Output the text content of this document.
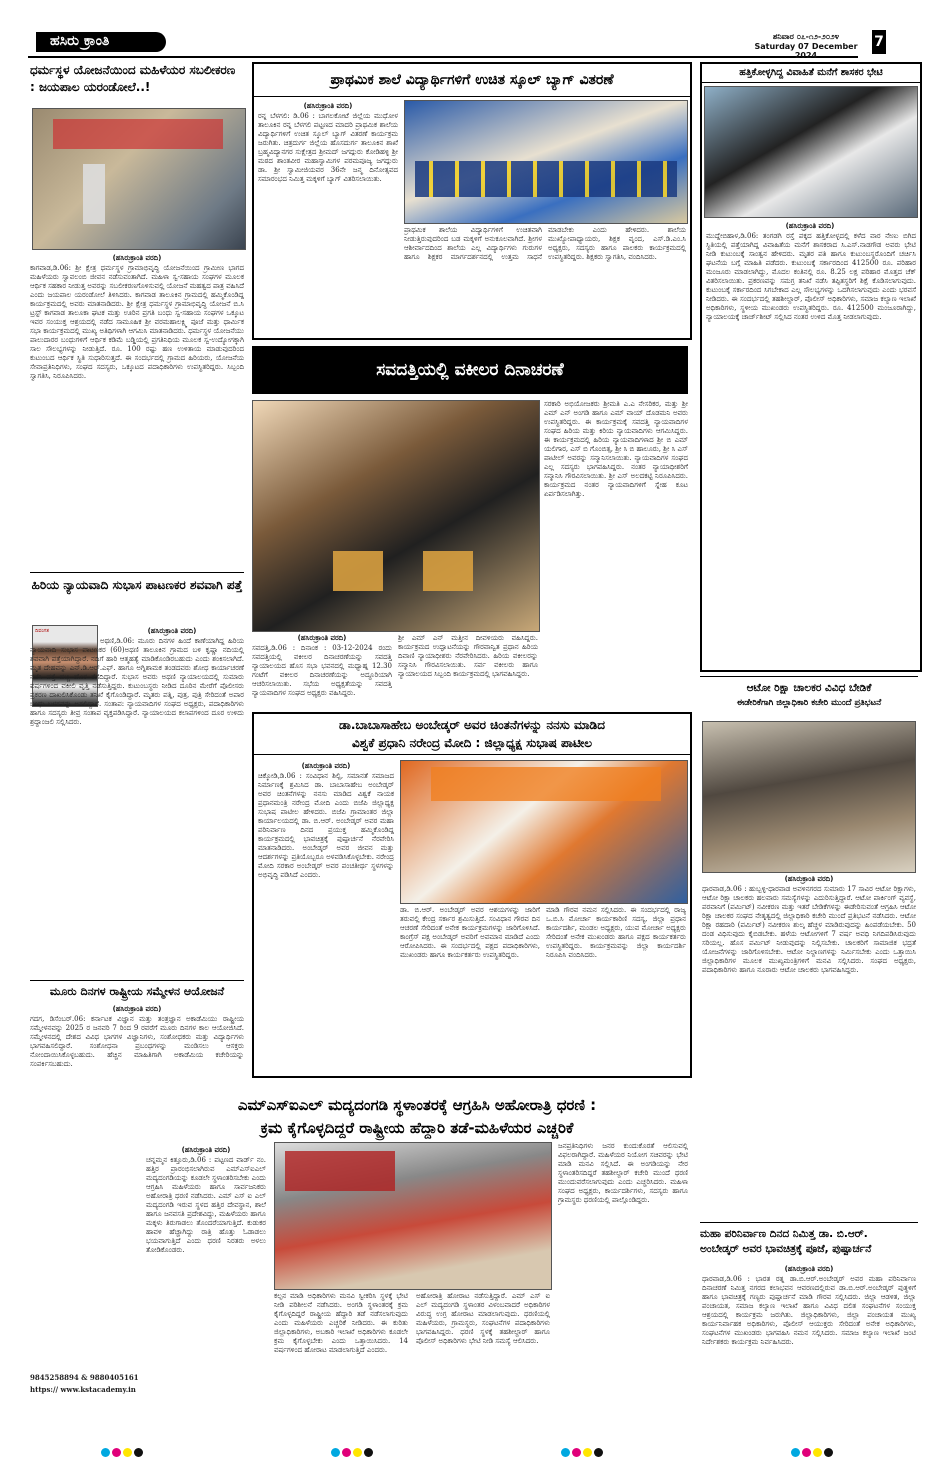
ಹಸಿರು ಕ್ರಾಂತಿ	ಶನಿವಾರ ೦೭-೧೨-೨೦೨೪
Saturday 07 December 2024
7
ಧರ್ಮಸ್ಥಳ ಯೋಜನೆಯಿಂದ ಮಹಿಳೆಯರ ಸಬಲೀಕರಣ : ಜಯಪಾಲ ಯರಂಡೋಲೆ..!
(ಹಸಿರುಕ್ರಾಂತಿ ವರದಿ)
ಕಾಗವಾಡ,ಡಿ.06: ಶ್ರೀ ಕ್ಷೇತ್ರ ಧರ್ಮಸ್ಥಳ ಗ್ರಾಮಾಭಿವೃದ್ಧಿ ಯೋಜನೆಯಿಂದ ಗ್ರಾಮೀಣ ಭಾಗದ ಮಹಿಳೆಯರು ಸ್ವಾವಲಂಬಿ ಜೀವನ ನಡೆಸುವಂತಾಗಿದೆ. ಮಹಿಳಾ ಸ್ವ-ಸಹಾಯ ಸಂಘಗಳ ಮೂಲಕ ಆರ್ಥಿಕ ಸಹಕಾರ ನೀಡುತ್ತ ಅವರನ್ನು ಸಬಲೀಕರಣಗೊಳಿಸುವಲ್ಲಿ ಯೋಜನೆ ಮಹತ್ವದ ಪಾತ್ರ ವಹಿಸಿದೆ ಎಂದು ಜಯಪಾಲ ಯರಂಡೋಲೆ ತಿಳಿಸಿದರು. ಕಾಗವಾಡ ತಾಲೂಕಿನ ಗ್ರಾಮದಲ್ಲಿ ಹಮ್ಮಿಕೊಂಡಿದ್ದ ಕಾರ್ಯಕ್ರಮದಲ್ಲಿ ಅವರು ಮಾತನಾಡಿದರು. ಶ್ರೀ ಕ್ಷೇತ್ರ ಧರ್ಮಸ್ಥಳ ಗ್ರಾಮಾಭಿವೃದ್ಧಿ ಯೋಜನೆ ಬಿ.ಸಿ ಟ್ರಸ್ಟ್ ಕಾಗವಾಡ ತಾಲೂಕಾ ಘಟಕ ಮತ್ತು ಊರಿನ ಪ್ರಗತಿ ಬಂಧು ಸ್ವ-ಸಹಾಯ ಸಂಘಗಳ ಒಕ್ಕೂಟ ಇವರ ಸಂಯುಕ್ತ ಆಶ್ರಯದಲ್ಲಿ ನಡೆದ ಸಾಮೂಹಿಕ ಶ್ರೀ ವರಮಹಾಲಕ್ಷ್ಮಿ ಪೂಜೆ ಮತ್ತು ಧಾರ್ಮಿಕ ಸಭಾ ಕಾರ್ಯಕ್ರಮದಲ್ಲಿ ಮುಖ್ಯ ಅತಿಥಿಗಳಾಗಿ ಆಗಮಿಸಿ ಮಾತನಾಡಿದರು. ಧರ್ಮಸ್ಥಳ ಯೋಜನೆಯು ಪಾಲುದಾರರ ಬಂಧುಗಳಿಗೆ ಆರ್ಥಿಕ ಕಡಿಮೆ ಬಡ್ಡಿಯಲ್ಲಿ ಪ್ರಗತಿನಿಧಿಯ ಮೂಲಕ ಸ್ವ-ಉದ್ಯೋಗಕ್ಕಾಗಿ ಸಾಲ ಸೌಲಭ್ಯಗಳನ್ನು ನೀಡುತ್ತಿದೆ. ರೂ. 100 ರಷ್ಟು ಹಣ ಉಳಿತಾಯ ಮಾಡುವುದರಿಂದ ಕುಟುಂಬದ ಆರ್ಥಿಕ ಸ್ಥಿತಿ ಸುಧಾರಿಸುತ್ತದೆ. ಈ ಸಂದರ್ಭದಲ್ಲಿ ಗ್ರಾಮದ ಹಿರಿಯರು, ಯೋಜನೆಯ ಸೇವಾಪ್ರತಿನಿಧಿಗಳು, ಸಂಘದ ಸದಸ್ಯರು, ಒಕ್ಕೂಟದ ಪದಾಧಿಕಾರಿಗಳು ಉಪಸ್ಥಿತರಿದ್ದರು. ಸಿಬ್ಬಂದಿ ಸ್ವಾಗತಿಸಿ, ನಿರೂಪಿಸಿದರು.
ಹಿರಿಯ ನ್ಯಾಯವಾದಿ ಸುಭಾಸ ಪಾಟಣಕರ ಶವವಾಗಿ ಪತ್ತೆ
ದಿವಂಗತ	(ಹಸಿರುಕ್ರಾಂತಿ ವರದಿ)
ಅಥಣಿ,ಡಿ.06: ಮೂರು ದಿನಗಳ ಹಿಂದೆ ಕಾಣೆಯಾಗಿದ್ದ ಹಿರಿಯ ನ್ಯಾಯವಾದಿ ಸುಭಾಸ ಪಾಟಣಕರ (60)ಅಥಣಿ ತಾಲೂಕಿನ ಗ್ರಾಮದ ಬಳಿ ಕೃಷ್ಣಾ ನದಿಯಲ್ಲಿ ಶವವಾಗಿ ಪತ್ತೆಯಾಗಿದ್ದಾರೆ. ನದಿಗೆ ಹಾರಿ ಆತ್ಮಹತ್ಯೆ ಮಾಡಿಕೊಂಡಿರಬಹುದು ಎಂದು ಶಂಕಿಸಲಾಗಿದೆ. ಮೃತ ದೇಹವನ್ನು ಎನ್.ಡಿ.ಆರ್.ಎಫ್. ಹಾಗೂ ಅಗ್ನಿಶಾಮಕ ತಂಡದವರು ಶೋಧ ಕಾರ್ಯಾಚರಣೆ ನಡೆಸಿ ಪತ್ತೆ ಹಚ್ಚಿ ಹೊರ ತೆಗೆದಿದ್ದಾರೆ. ಸುಭಾಸ ಅವರು ಅಥಣಿ ನ್ಯಾಯಾಲಯದಲ್ಲಿ ಸುಮಾರು ವರ್ಷಗಳಿಂದ ವಕೀಲಿ ವೃತ್ತಿ ನಡೆಸುತ್ತಿದ್ದರು. ಕುಟುಂಬಸ್ಥರು ನೀಡಿದ ದೂರಿನ ಮೇರೆಗೆ ಪೊಲೀಸರು ಪ್ರಕರಣ ದಾಖಲಿಸಿಕೊಂಡು ತನಿಖೆ ಕೈಗೊಂಡಿದ್ದಾರೆ. ಮೃತರು ಪತ್ನಿ, ಪುತ್ರ, ಪುತ್ರಿ ಸೇರಿದಂತೆ ಅಪಾರ ಬಂಧು ಬಳಗವನ್ನು ಅಗಲಿದ್ದಾರೆ. ಸಂತಾಪ: ನ್ಯಾಯವಾದಿಗಳ ಸಂಘದ ಅಧ್ಯಕ್ಷರು, ಪದಾಧಿಕಾರಿಗಳು ಹಾಗೂ ಸದಸ್ಯರು ತೀವ್ರ ಸಂತಾಪ ವ್ಯಕ್ತಪಡಿಸಿದ್ದಾರೆ. ನ್ಯಾಯಾಲಯದ ಕಲಾಪಗಳಿಂದ ದೂರ ಉಳಿದು ಶ್ರದ್ಧಾಂಜಲಿ ಸಲ್ಲಿಸಿದರು.
ಮೂರು ದಿನಗಳ ರಾಷ್ಟ್ರೀಯ ಸಮ್ಮೇಳನ ಆಯೋಜನೆ
(ಹಸಿರುಕ್ರಾಂತಿ ವರದಿ)
ಗದಗ, ಡಿಸೆಂಬರ್.06: ಕರ್ನಾಟಕ ವಿಜ್ಞಾನ ಮತ್ತು ತಂತ್ರಜ್ಞಾನ ಅಕಾಡೆಮಿಯು ರಾಷ್ಟ್ರೀಯ ಸಮ್ಮೇಳನವನ್ನು 2025 ರ ಜನವರಿ 7 ರಿಂದ 9 ರವರೆಗೆ ಮೂರು ದಿನಗಳ ಕಾಲ ಆಯೋಜಿಸಿದೆ. ಸಮ್ಮೇಳನದಲ್ಲಿ ದೇಶದ ವಿವಿಧ ಭಾಗಗಳ ವಿಜ್ಞಾನಿಗಳು, ಸಂಶೋಧಕರು ಮತ್ತು ವಿದ್ಯಾರ್ಥಿಗಳು ಭಾಗವಹಿಸಲಿದ್ದಾರೆ. ಸಂಶೋಧನಾ ಪ್ರಬಂಧಗಳನ್ನು ಮಂಡಿಸಲು ಆಸಕ್ತರು ನೋಂದಾಯಿಸಿಕೊಳ್ಳಬಹುದು. ಹೆಚ್ಚಿನ ಮಾಹಿತಿಗಾಗಿ ಅಕಾಡೆಮಿಯ ಕಚೇರಿಯನ್ನು ಸಂಪರ್ಕಿಸಬಹುದು.
9845258894 & 9880405161
https:// www.kstacademy.in
ಪ್ರಾಥಮಿಕ ಶಾಲೆ ವಿದ್ಯಾರ್ಥಿಗಳಿಗೆ ಉಚಿತ ಸ್ಕೂಲ್ ಬ್ಯಾಗ್ ವಿತರಣೆ
(ಹಸಿರುಕ್ರಾಂತಿ ವರದಿ)
ರನ್ನ ಬೆಳಗಲಿ: ಡಿ.06 : ಬಾಗಲಕೋಟೆ ಜಿಲ್ಲೆಯ ಮುಧೋಳ ತಾಲೂಕಿನ ರನ್ನ ಬೆಳಗಲಿ ಪಟ್ಟಣದ ಮಾದರಿ ಪ್ರಾಥಮಿಕ ಶಾಲೆಯ ವಿದ್ಯಾರ್ಥಿಗಳಿಗೆ ಉಚಿತ ಸ್ಕೂಲ್ ಬ್ಯಾಗ್ ವಿತರಣೆ ಕಾರ್ಯಕ್ರಮ ಜರುಗಿತು. ಚಿತ್ರದುರ್ಗ ಜಿಲ್ಲೆಯ ಹೊಸದುರ್ಗ ತಾಲೂಕಿನ ಶಾಖೆ ಬ್ರಹ್ಮವಿದ್ಯಾನಗರ ಸುಕ್ಷೇತ್ರದ ಶ್ರೀಮದ್ ಜಗದ್ಗುರು ಕೋಡಿಹಳ್ಳಿ ಶ್ರೀ ಮಠದ ಶಾಂತವೀರ ಮಹಾಸ್ವಾಮಿಗಳ ಪರಮಪೂಜ್ಯ ಜಗದ್ಗುರು ಡಾ. ಶ್ರೀ ಸ್ವಾಮೀಜಿಯವರ 36ನೇ ಜನ್ಮ ದಿನೋತ್ಸವದ ಸಮಾರಂಭದ ನಿಮಿತ್ತ ಮಕ್ಕಳಿಗೆ ಬ್ಯಾಗ್ ವಿತರಿಸಲಾಯಿತು.
ಪ್ರಾಥಮಿಕ ಶಾಲೆಯ ವಿದ್ಯಾರ್ಥಿಗಳಿಗೆ ಉಚಿತವಾಗಿ ನೀಡುತ್ತಿರುವುದರಿಂದ ಬಡ ಮಕ್ಕಳಿಗೆ ಅನುಕೂಲವಾಗಿದೆ. ಶ್ರೀಗಳ ಆಶೀರ್ವಾದದಿಂದ ಶಾಲೆಯ ಎಲ್ಲ ವಿದ್ಯಾರ್ಥಿಗಳು ಗುರುಗಳ ಹಾಗೂ ಶಿಕ್ಷಕರ ಮಾರ್ಗದರ್ಶನದಲ್ಲಿ ಉತ್ತಮ ಸಾಧನೆ ಮಾಡಬೇಕು ಎಂದು ಹೇಳಿದರು. ಶಾಲೆಯ ಮುಖ್ಯೋಪಾಧ್ಯಾಯರು, ಶಿಕ್ಷಕ ವೃಂದ, ಎಸ್.ಡಿ.ಎಂ.ಸಿ ಅಧ್ಯಕ್ಷರು, ಸದಸ್ಯರು ಹಾಗೂ ಪಾಲಕರು ಕಾರ್ಯಕ್ರಮದಲ್ಲಿ ಉಪಸ್ಥಿತರಿದ್ದರು. ಶಿಕ್ಷಕರು ಸ್ವಾಗತಿಸಿ, ವಂದಿಸಿದರು.
ಸವದತ್ತಿಯಲ್ಲಿ ವಕೀಲರ ದಿನಾಚರಣೆ
(ಹಸಿರುಕ್ರಾಂತಿ ವರದಿ)
ಸವದತ್ತಿ,ಡಿ.06 : ದಿನಾಂಕ : 03-12-2024 ರಂದು ಸವದತ್ತಿಯಲ್ಲಿ ವಕೀಲರ ದಿನಾಚರಣೆಯನ್ನು ಸವದತ್ತಿ ನ್ಯಾಯಾಲಯದ ಹೊಸ ಸಭಾ ಭವನದಲ್ಲಿ ಮಧ್ಯಾಹ್ನ 12.30 ಗಂಟೆಗೆ ವಕೀಲರ ದಿನಾಚರಣೆಯನ್ನು ಅದ್ಧೂರಿಯಾಗಿ ಆಚರಿಸಲಾಯಿತು. ಸಭೆಯ ಅಧ್ಯಕ್ಷತೆಯನ್ನು ಸವದತ್ತಿ ನ್ಯಾಯವಾದಿಗಳ ಸಂಘದ ಅಧ್ಯಕ್ಷರು ವಹಿಸಿದ್ದರು.
ಶ್ರೀ ಎಮ್ ಎನ್ ಮತ್ತೀನ ದೀವಳಿಯರು ವಹಿಸಿದ್ದರು. ಕಾರ್ಯಕ್ರಮದ ಉದ್ಘಾಟನೆಯನ್ನು ಗೌರವಾನ್ವಿತ ಪ್ರಧಾನ ಹಿರಿಯ ದಿವಾಣಿ ನ್ಯಾಯಾಧೀಶರು ನೆರವೇರಿಸಿದರು. ಹಿರಿಯ ವಕೀಲರನ್ನು ಸನ್ಮಾನಿಸಿ ಗೌರವಿಸಲಾಯಿತು. ಸರ್ವ ವಕೀಲರು ಹಾಗೂ ನ್ಯಾಯಾಲಯದ ಸಿಬ್ಬಂದಿ ಕಾರ್ಯಕ್ರಮದಲ್ಲಿ ಭಾಗವಹಿಸಿದ್ದರು.
ಸರಕಾರಿ ಅಭಿಯೋಜಕರು ಶ್ರೀಮತಿ ಎ.ಎ ನೇಸರಿಕರ, ಮತ್ತು ಶ್ರೀ ಎಮ್ ಎನ್ ಅಂಗಡಿ ಹಾಗೂ ಎಮ್ ವಾಯ್ ದೊಡಮನಿ ಅವರು ಉಪಸ್ಥಿತರಿದ್ದರು. ಈ ಕಾರ್ಯಕ್ರಮಕ್ಕೆ ಸವದತ್ತಿ ನ್ಯಾಯವಾದಿಗಳ ಸಂಘದ ಹಿರಿಯ ಮತ್ತು ಕಿರಿಯ ನ್ಯಾಯವಾದಿಗಳು ಆಗಮಿಸಿದ್ದರು. ಈ ಕಾರ್ಯಕ್ರಮದಲ್ಲಿ ಹಿರಿಯ ನ್ಯಾಯವಾದಿಗಳಾದ ಶ್ರೀ ಬಿ ಎಮ್ ಯಲಿಗಾರ, ಎಸ್ ಬಿ ಗೊಂಬಿತ್ಸ, ಶ್ರೀ ಸಿ ಬಿ ಹಾಲೂರು, ಶ್ರೀ ಸಿ ಎಸ್ ಪಾಟೀಲ್ ಅವರನ್ನು ಸನ್ಮಾನಿಸಲಾಯಿತು. ನ್ಯಾಯವಾದಿಗಳ ಸಂಘದ ಎಲ್ಲ ಸದಸ್ಯರು ಭಾಗವಹಿಸಿದ್ದರು. ನಂತರ ನ್ಯಾಯಾಧೀಶರಿಗೆ ಸನ್ಮಾನಿಸಿ ಗೌರವಿಸಲಾಯಿತು. ಶ್ರೀ ಎಸ್ ಅಲದಕಟ್ಟಿ ನಿರೂಪಿಸಿದರು. ಕಾರ್ಯಕ್ರಮದ ನಂತರ ನ್ಯಾಯವಾದಿಗಳಿಗೆ ಸ್ನೇಹ ಕೂಟ ಏರ್ಪಡಿಸಲಾಗಿತ್ತು.
ಡಾ.ಬಾಬಾಸಾಹೇಬ ಅಂಬೇಡ್ಕರ್ ಅವರ ಚಿಂತನೆಗಳನ್ನು ನನಸು ಮಾಡಿದ
ವಿಶ್ವಕೆ ಪ್ರಧಾನಿ ನರೇಂದ್ರ ಮೋದಿ : ಜಿಲ್ಲಾಧ್ಯಕ್ಷ ಸುಭಾಷ ಪಾಟೀಲ
(ಹಸಿರುಕ್ರಾಂತಿ ವರದಿ)
ಚಿಕ್ಕೋಡಿ,ಡಿ.06 : ಸಂವಿಧಾನ ಶಿಲ್ಪಿ, ಸಮಾನತೆ ಸಮಾಜದ ನಿರ್ಮಾಣಕ್ಕೆ ಶ್ರಮಿಸಿದ ಡಾ. ಬಾಬಾಸಾಹೇಬ ಅಂಬೇಡ್ಕರ್ ಅವರ ಚಿಂತನೆಗಳನ್ನು ನನಸು ಮಾಡಿದ ವಿಶ್ವಕೆ ನಾಯಕ ಪ್ರಧಾನಮಂತ್ರಿ ನರೇಂದ್ರ ಮೋದಿ ಎಂದು ಬಿಜೆಪಿ ಜಿಲ್ಲಾಧ್ಯಕ್ಷ ಸುಭಾಷ ಪಾಟೀಲ ಹೇಳಿದರು. ಬಿಜೆಪಿ ಗ್ರಾಮಾಂತರ ಜಿಲ್ಲಾ ಕಾರ್ಯಾಲಯದಲ್ಲಿ ಡಾ. ಬಿ.ಆರ್. ಅಂಬೇಡ್ಕರ್ ಅವರ ಮಹಾ ಪರಿನಿರ್ವಾಣ ದಿನದ ಪ್ರಯುಕ್ತ ಹಮ್ಮಿಕೊಂಡಿದ್ದ ಕಾರ್ಯಕ್ರಮದಲ್ಲಿ ಭಾವಚಿತ್ರಕ್ಕೆ ಪುಷ್ಪಾರ್ಚನೆ ನೆರವೇರಿಸಿ ಮಾತನಾಡಿದರು. ಅಂಬೇಡ್ಕರ್ ಅವರ ಜೀವನ ಮತ್ತು ಆದರ್ಶಗಳನ್ನು ಪ್ರತಿಯೊಬ್ಬರೂ ಅಳವಡಿಸಿಕೊಳ್ಳಬೇಕು. ನರೇಂದ್ರ ಮೋದಿ ಸರಕಾರ ಅಂಬೇಡ್ಕರ್ ಅವರ ಪಂಚತೀರ್ಥ ಸ್ಥಳಗಳನ್ನು ಅಭಿವೃದ್ಧಿ ಪಡಿಸಿದೆ ಎಂದರು.
ಡಾ. ಬಿ.ಆರ್. ಅಂಬೇಡ್ಕರ್ ಅವರ ಆಶಯಗಳನ್ನು ಜಾರಿಗೆ ತರುವಲ್ಲಿ ಕೇಂದ್ರ ಸರ್ಕಾರ ಶ್ರಮಿಸುತ್ತಿದೆ. ಸಂವಿಧಾನ ಗೌರವ ದಿನ ಆಚರಣೆ ಸೇರಿದಂತೆ ಅನೇಕ ಕಾರ್ಯಕ್ರಮಗಳನ್ನು ಜಾರಿಗೊಳಿಸಿದೆ. ಕಾಂಗ್ರೆಸ್ ಪಕ್ಷ ಅಂಬೇಡ್ಕರ್ ಅವರಿಗೆ ಅವಮಾನ ಮಾಡಿದೆ ಎಂದು ಆರೋಪಿಸಿದರು. ಈ ಸಂದರ್ಭದಲ್ಲಿ ಪಕ್ಷದ ಪದಾಧಿಕಾರಿಗಳು, ಮುಖಂಡರು ಹಾಗೂ ಕಾರ್ಯಕರ್ತರು ಉಪಸ್ಥಿತರಿದ್ದರು.
ಮಾಡಿ ಗೌರವ ನಮನ ಸಲ್ಲಿಸಿದರು. ಈ ಸಂದರ್ಭದಲ್ಲಿ ರಾಜ್ಯ ಒ.ಬಿ.ಸಿ ಮೋರ್ಚಾ ಕಾರ್ಯಕಾರಿಣಿ ಸದಸ್ಯ, ಜಿಲ್ಲಾ ಪ್ರಧಾನ ಕಾರ್ಯದರ್ಶಿ, ಮಂಡಲ ಅಧ್ಯಕ್ಷರು, ಯುವ ಮೋರ್ಚಾ ಅಧ್ಯಕ್ಷರು ಸೇರಿದಂತೆ ಅನೇಕ ಮುಖಂಡರು ಹಾಗೂ ಪಕ್ಷದ ಕಾರ್ಯಕರ್ತರು ಉಪಸ್ಥಿತರಿದ್ದರು. ಕಾರ್ಯಕ್ರಮವನ್ನು ಜಿಲ್ಲಾ ಕಾರ್ಯದರ್ಶಿ ನಿರೂಪಿಸಿ ವಂದಿಸಿದರು.
ಎಮ್‌ಎಸ್‌ಐಎಲ್ ಮದ್ಯದಂಗಡಿ ಸ್ಥಳಾಂತರಕ್ಕೆ ಆಗ್ರಹಿಸಿ ಅಹೋರಾತ್ರಿ ಧರಣಿ :
ಕ್ರಮ ಕೈಗೊಳ್ಳದಿದ್ದರೆ ರಾಷ್ಟ್ರೀಯ ಹೆದ್ದಾರಿ ತಡೆ-ಮಹಿಳೆಯರ ಎಚ್ಚರಿಕೆ
(ಹಸಿರುಕ್ರಾಂತಿ ವರದಿ)
ಚನ್ನಮ್ಮನ ಕಿತ್ತೂರು,ಡಿ.06 : ಪಟ್ಟಣದ ವಾರ್ಡ್ ನಂ. ಹತ್ತಿರ ಪ್ರಾರಂಭಿಸಲಾಗಿರುವ ಎಮ್‌ಎಸ್‌ಐಎಲ್ ಮದ್ಯದಂಗಡಿಯನ್ನು ಕೂಡಲೇ ಸ್ಥಳಾಂತರಿಸಬೇಕು ಎಂದು ಆಗ್ರಹಿಸಿ ಮಹಿಳೆಯರು ಹಾಗೂ ಸಾರ್ವಜನಿಕರು ಅಹೋರಾತ್ರಿ ಧರಣಿ ನಡೆಸಿದರು. ಎಮ್ ಎಸ್ ಐ ಎಲ್ ಮದ್ಯದಂಗಡಿ ಇರುವ ಸ್ಥಳದ ಹತ್ತಿರ ದೇವಸ್ಥಾನ, ಶಾಲೆ ಹಾಗೂ ಜನವಸತಿ ಪ್ರದೇಶವಿದ್ದು, ಮಹಿಳೆಯರು ಹಾಗೂ ಮಕ್ಕಳು ತಿರುಗಾಡಲು ತೊಂದರೆಯಾಗುತ್ತಿದೆ. ಕುಡುಕರ ಹಾವಳಿ ಹೆಚ್ಚಾಗಿದ್ದು ರಾತ್ರಿ ಹೊತ್ತು ಓಡಾಡಲು ಭಯವಾಗುತ್ತಿದೆ ಎಂದು ಧರಣಿ ನಿರತರು ಅಳಲು ತೋಡಿಕೊಂಡರು.
ಕಲ್ಪನ ಮಾಡಿ ಅಧಿಕಾರಿಗಳು ಮನವಿ ಸ್ವೀಕರಿಸಿ ಸ್ಥಳಕ್ಕೆ ಭೇಟಿ ನೀಡಿ ಪರಿಶೀಲನೆ ನಡೆಸಿದರು. ಅಂಗಡಿ ಸ್ಥಳಾಂತರಕ್ಕೆ ಕ್ರಮ ಕೈಗೊಳ್ಳದಿದ್ದರೆ ರಾಷ್ಟ್ರೀಯ ಹೆದ್ದಾರಿ ತಡೆ ನಡೆಸಲಾಗುವುದು ಎಂದು ಮಹಿಳೆಯರು ಎಚ್ಚರಿಕೆ ನೀಡಿದರು. ಈ ಕುರಿತು ಜಿಲ್ಲಾಧಿಕಾರಿಗಳು, ಅಬಕಾರಿ ಇಲಾಖೆ ಅಧಿಕಾರಿಗಳು ಕೂಡಲೇ ಕ್ರಮ ಕೈಗೊಳ್ಳಬೇಕು ಎಂದು ಒತ್ತಾಯಿಸಿದರು. 14 ವರ್ಷಗಳಿಂದ ಹೋರಾಟ ಮಾಡಲಾಗುತ್ತಿದೆ ಎಂದರು.
ಅಹೋರಾತ್ರಿ ಹೋರಾಟ ನಡೆಸುತ್ತಿದ್ದಾರೆ. ಎಮ್ ಎಸ್ ಐ ಎಲ್ ಮದ್ಯದಂಗಡಿ ಸ್ಥಳಾಂತರ ವಿಳಂಬವಾದರೆ ಅಧಿಕಾರಿಗಳ ವಿರುದ್ಧ ಉಗ್ರ ಹೋರಾಟ ಮಾಡಲಾಗುವುದು. ಧರಣಿಯಲ್ಲಿ ಮಹಿಳೆಯರು, ಗ್ರಾಮಸ್ಥರು, ಸಂಘಟನೆಗಳ ಪದಾಧಿಕಾರಿಗಳು ಭಾಗವಹಿಸಿದ್ದರು. ಧರಣಿ ಸ್ಥಳಕ್ಕೆ ತಹಶೀಲ್ದಾರ್ ಹಾಗೂ ಪೊಲೀಸ್ ಅಧಿಕಾರಿಗಳು ಭೇಟಿ ನೀಡಿ ಸಮಸ್ಯೆ ಆಲಿಸಿದರು.
ಜನಪ್ರತಿನಿಧಿಗಳು ಜನರ ಕುಂದುಕೊರತೆ ಆಲಿಸುವಲ್ಲಿ ವಿಫಲರಾಗಿದ್ದಾರೆ. ಮಹಿಳೆಯರ ನಿಯೋಗ ಸಚಿವರನ್ನು ಭೇಟಿ ಮಾಡಿ ಮನವಿ ಸಲ್ಲಿಸಿದೆ. ಈ ಅಂಗಡಿಯನ್ನು ನೇರ ಸ್ಥಳಾಂತರಿಸದಿದ್ದರೆ ತಹಶೀಲ್ದಾರ್ ಕಚೇರಿ ಮುಂದೆ ಧರಣಿ ಮುಂದುವರೆಸಲಾಗುವುದು ಎಂದು ಎಚ್ಚರಿಸಿದರು. ಮಹಿಳಾ ಸಂಘದ ಅಧ್ಯಕ್ಷರು, ಕಾರ್ಯದರ್ಶಿಗಳು, ಸದಸ್ಯರು ಹಾಗೂ ಗ್ರಾಮಸ್ಥರು ಧರಣಿಯಲ್ಲಿ ಪಾಲ್ಗೊಂಡಿದ್ದರು.
ಹತ್ತಿಕೋಳ್ಳಗಿದ್ದ ವಿವಾಹಿತೆ ಮನೆಗೆ ಶಾಸಕರ ಭೇಟಿ
(ಹಸಿರುಕ್ರಾಂತಿ ವರದಿ)
ಮುದ್ದೇಬಿಹಾಳ,ಡಿ.06: ತಂಗಡಗಿ ರಸ್ತೆ ಪಕ್ಕದ ಹತ್ತಿಕೋಳ್ಳದಲ್ಲಿ ಕಳೆದ ವಾರ ನೇಣು ಬಿಗಿದ ಸ್ಥಿತಿಯಲ್ಲಿ ಪತ್ತೆಯಾಗಿದ್ದ ವಿವಾಹಿತೆಯ ಮನೆಗೆ ಶಾಸಕರಾದ ಸಿ.ಎಸ್.ನಾಡಗೌಡ ಅವರು ಭೇಟಿ ನೀಡಿ ಕುಟುಂಬಕ್ಕೆ ಸಾಂತ್ವನ ಹೇಳಿದರು. ಮೃತರ ಪತಿ ಹಾಗೂ ಕುಟುಂಬಸ್ಥರೊಂದಿಗೆ ಚರ್ಚಿಸಿ ಘಟನೆಯ ಬಗ್ಗೆ ಮಾಹಿತಿ ಪಡೆದರು. ಕುಟುಂಬಕ್ಕೆ ಸರ್ಕಾರದಿಂದ 412500 ರೂ. ಪರಿಹಾರ ಮಂಜೂರು ಮಾಡಲಾಗಿದ್ದು, ಮೊದಲ ಕಂತಿನಲ್ಲಿ ರೂ. 8.25 ಲಕ್ಷ ಪರಿಹಾರ ಮೊತ್ತದ ಚೆಕ್ ವಿತರಿಸಲಾಯಿತು. ಪ್ರಕರಣವನ್ನು ಸಮಗ್ರ ತನಿಖೆ ನಡೆಸಿ ತಪ್ಪಿತಸ್ಥರಿಗೆ ಶಿಕ್ಷೆ ಕೊಡಿಸಲಾಗುವುದು. ಕುಟುಂಬಕ್ಕೆ ಸರ್ಕಾರದಿಂದ ಸಿಗಬೇಕಾದ ಎಲ್ಲ ಸೌಲಭ್ಯಗಳನ್ನು ಒದಗಿಸಲಾಗುವುದು ಎಂದು ಭರವಸೆ ನೀಡಿದರು. ಈ ಸಂದರ್ಭದಲ್ಲಿ ತಹಶೀಲ್ದಾರ್, ಪೊಲೀಸ್ ಅಧಿಕಾರಿಗಳು, ಸಮಾಜ ಕಲ್ಯಾಣ ಇಲಾಖೆ ಅಧಿಕಾರಿಗಳು, ಸ್ಥಳೀಯ ಮುಖಂಡರು ಉಪಸ್ಥಿತರಿದ್ದರು. ರೂ. 412500 ಮಂಜೂರಾಗಿದ್ದು, ನ್ಯಾಯಾಲಯಕ್ಕೆ ಚಾರ್ಜ್‌ಶೀಟ್ ಸಲ್ಲಿಸಿದ ನಂತರ ಉಳಿದ ಮೊತ್ತ ನೀಡಲಾಗುವುದು.
ಆಟೋ ರಿಕ್ಷಾ ಚಾಲಕರ ವಿವಿಧ ಬೇಡಿಕೆ
ಈಡೇರಿಕೆಗಾಗಿ ಜಿಲ್ಲಾಧಿಕಾರಿ ಕಚೇರಿ ಮುಂದೆ ಪ್ರತಿಭಟನೆ
(ಹಸಿರುಕ್ರಾಂತಿ ವರದಿ)
ಧಾರವಾಡ,ಡಿ.06 : ಹುಬ್ಬಳ್ಳಿ-ಧಾರವಾಡ ಅವಳಿನಗರದ ಸುಮಾರು 17 ಸಾವಿರ ಆಟೋ ರಿಕ್ಷಾಗಳು, ಆಟೋ ರಿಕ್ಷಾ ಚಾಲಕರು ಹಲವಾರು ಸಮಸ್ಯೆಗಳನ್ನು ಎದುರಿಸುತ್ತಿದ್ದಾರೆ. ಆಟೋ ಪಾರ್ಕಿಂಗ್ ವ್ಯವಸ್ಥೆ, ಪರವಾನಿಗೆ (ಪರ್ಮಿಟ್) ನವೀಕರಣ ಮತ್ತು ಇತರೆ ಬೇಡಿಕೆಗಳನ್ನು ಈಡೇರಿಸುವಂತೆ ಆಗ್ರಹಿಸಿ ಆಟೋ ರಿಕ್ಷಾ ಚಾಲಕರ ಸಂಘದ ನೇತೃತ್ವದಲ್ಲಿ ಜಿಲ್ಲಾಧಿಕಾರಿ ಕಚೇರಿ ಮುಂದೆ ಪ್ರತಿಭಟನೆ ನಡೆಸಿದರು. ಆಟೋ ರಿಕ್ಷಾ ರಹದಾರಿ (ಪರ್ಮಿಟ್) ನವೀಕರಣ ಶುಲ್ಕ ಹೆಚ್ಚಳ ಮಾಡಿರುವುದನ್ನು ಹಿಂಪಡೆಯಬೇಕು. 50 ದಂಡ ವಿಧಿಸುವುದು ಕೈಬಿಡಬೇಕು. ಹಳೆಯ ಆಟೋಗಳಿಗೆ 7 ವರ್ಷ ಅವಧಿ ನಿಗದಿಪಡಿಸಿರುವುದು ಸರಿಯಲ್ಲ. ಹೊಸ ಪರ್ಮಿಟ್ ನೀಡುವುದನ್ನು ನಿಲ್ಲಿಸಬೇಕು. ಚಾಲಕರಿಗೆ ಸಾಮಾಜಿಕ ಭದ್ರತೆ ಯೋಜನೆಗಳನ್ನು ಜಾರಿಗೊಳಿಸಬೇಕು. ಆಟೋ ನಿಲ್ದಾಣಗಳನ್ನು ನಿರ್ಮಿಸಬೇಕು ಎಂದು ಒತ್ತಾಯಿಸಿ ಜಿಲ್ಲಾಧಿಕಾರಿಗಳ ಮೂಲಕ ಮುಖ್ಯಮಂತ್ರಿಗಳಿಗೆ ಮನವಿ ಸಲ್ಲಿಸಿದರು. ಸಂಘದ ಅಧ್ಯಕ್ಷರು, ಪದಾಧಿಕಾರಿಗಳು ಹಾಗೂ ನೂರಾರು ಆಟೋ ಚಾಲಕರು ಭಾಗವಹಿಸಿದ್ದರು.
ಮಹಾ ಪರಿನಿರ್ವಾಣ ದಿನದ ನಿಮಿತ್ತ ಡಾ. ಬಿ.ಆರ್.
ಅಂಬೇಡ್ಕರ್ ಅವರ ಭಾವಚಿತ್ರಕ್ಕೆ ಪೂಜೆ, ಪುಷ್ಪಾರ್ಚನೆ
(ಹಸಿರುಕ್ರಾಂತಿ ವರದಿ)
ಧಾರವಾಡ,ಡಿ.06 : ಭಾರತ ರತ್ನ ಡಾ.ಬಿ.ಆರ್.ಅಂಬೇಡ್ಕರ್ ಅವರ ಮಹಾ ಪರಿನಿರ್ವಾಣ ದಿನಾಚರಣೆ ನಿಮಿತ್ತ ನಗರದ ಕಲಾಭವನ ಆವರಣದಲ್ಲಿರುವ ಡಾ.ಬಿ.ಆರ್.ಅಂಬೇಡ್ಕರ್ ಪುತ್ಥಳಿಗೆ ಹಾಗೂ ಭಾವಚಿತ್ರಕ್ಕೆ ಗಣ್ಯರು ಪುಷ್ಪಾರ್ಚನೆ ಮಾಡಿ ಗೌರವ ಸಲ್ಲಿಸಿದರು. ಜಿಲ್ಲಾ ಆಡಳಿತ, ಜಿಲ್ಲಾ ಪಂಚಾಯತ, ಸಮಾಜ ಕಲ್ಯಾಣ ಇಲಾಖೆ ಹಾಗೂ ವಿವಿಧ ದಲಿತ ಸಂಘಟನೆಗಳ ಸಂಯುಕ್ತ ಆಶ್ರಯದಲ್ಲಿ ಕಾರ್ಯಕ್ರಮ ಜರುಗಿತು. ಜಿಲ್ಲಾಧಿಕಾರಿಗಳು, ಜಿಲ್ಲಾ ಪಂಚಾಯತ ಮುಖ್ಯ ಕಾರ್ಯನಿರ್ವಾಹಕ ಅಧಿಕಾರಿಗಳು, ಪೊಲೀಸ್ ಆಯುಕ್ತರು ಸೇರಿದಂತೆ ಅನೇಕ ಅಧಿಕಾರಿಗಳು, ಸಂಘಟನೆಗಳ ಮುಖಂಡರು ಭಾಗವಹಿಸಿ ನಮನ ಸಲ್ಲಿಸಿದರು. ಸಮಾಜ ಕಲ್ಯಾಣ ಇಲಾಖೆ ಜಂಟಿ ನಿರ್ದೇಶಕರು ಕಾರ್ಯಕ್ರಮ ನಿರ್ವಹಿಸಿದರು.
